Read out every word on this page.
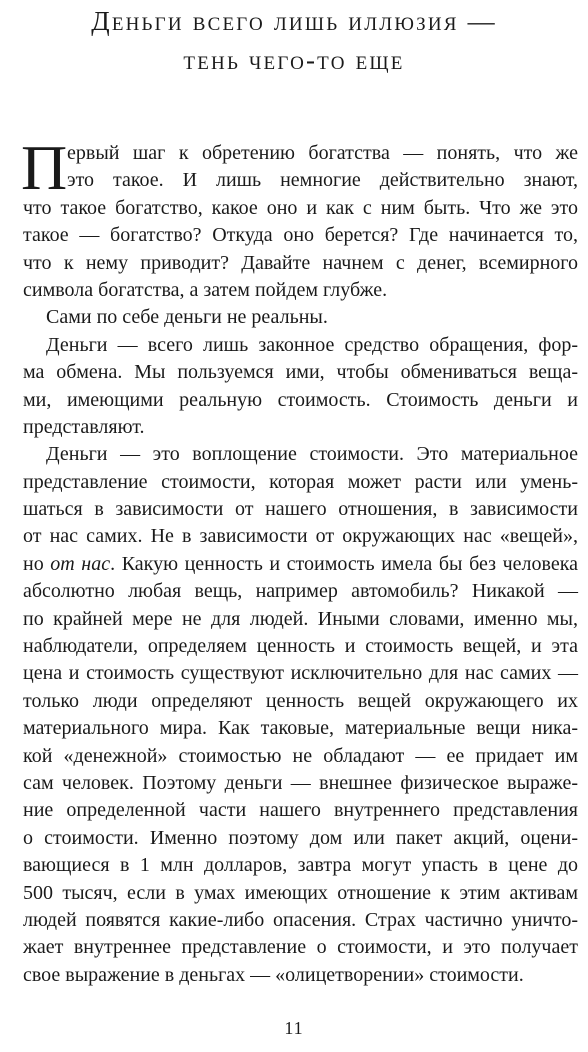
Деньги всего лишь иллюзия —
тень чего-то еще
П ервый шаг к обретению богатства — понять, что же
это такое. И лишь немногие действительно знают,
что такое богатство, какое оно и как с ним быть. Что же это
такое — богатство? Откуда оно берется? Где начинается то,
что к нему приводит? Давайте начнем с денег, всемирного
символа богатства, а затем пойдем глубже.
Сами по себе деньги не реальны.
Деньги — всего лишь законное средство обращения, фор-
ма обмена. Мы пользуемся ими, чтобы обмениваться веща-
ми, имеющими реальную стоимость. Стоимость деньги и
представляют.
Деньги — это воплощение стоимости. Это материальное
представление стоимости, которая может расти или умень-
шаться в зависимости от нашего отношения, в зависимости
от нас самих. Не в зависимости от окружающих нас «вещей»,
но от нас. Какую ценность и стоимость имела бы без человека
абсолютно любая вещь, например автомобиль? Никакой —
по крайней мере не для людей. Иными словами, именно мы,
наблюдатели, определяем ценность и стоимость вещей, и эта
цена и стоимость существуют исключительно для нас самих —
только люди определяют ценность вещей окружающего их
материального мира. Как таковые, материальные вещи ника-
кой «денежной» стоимостью не обладают — ее придает им
сам человек. Поэтому деньги — внешнее физическое выраже-
ние определенной части нашего внутреннего представления
о стоимости. Именно поэтому дом или пакет акций, оцени-
вающиеся в 1 млн долларов, завтра могут упасть в цене до
500 тысяч, если в умах имеющих отношение к этим активам
людей появятся какие-либо опасения. Страх частично уничто-
жает внутреннее представление о стоимости, и это получает
свое выражение в деньгах — «олицетворении» стоимости.
11
